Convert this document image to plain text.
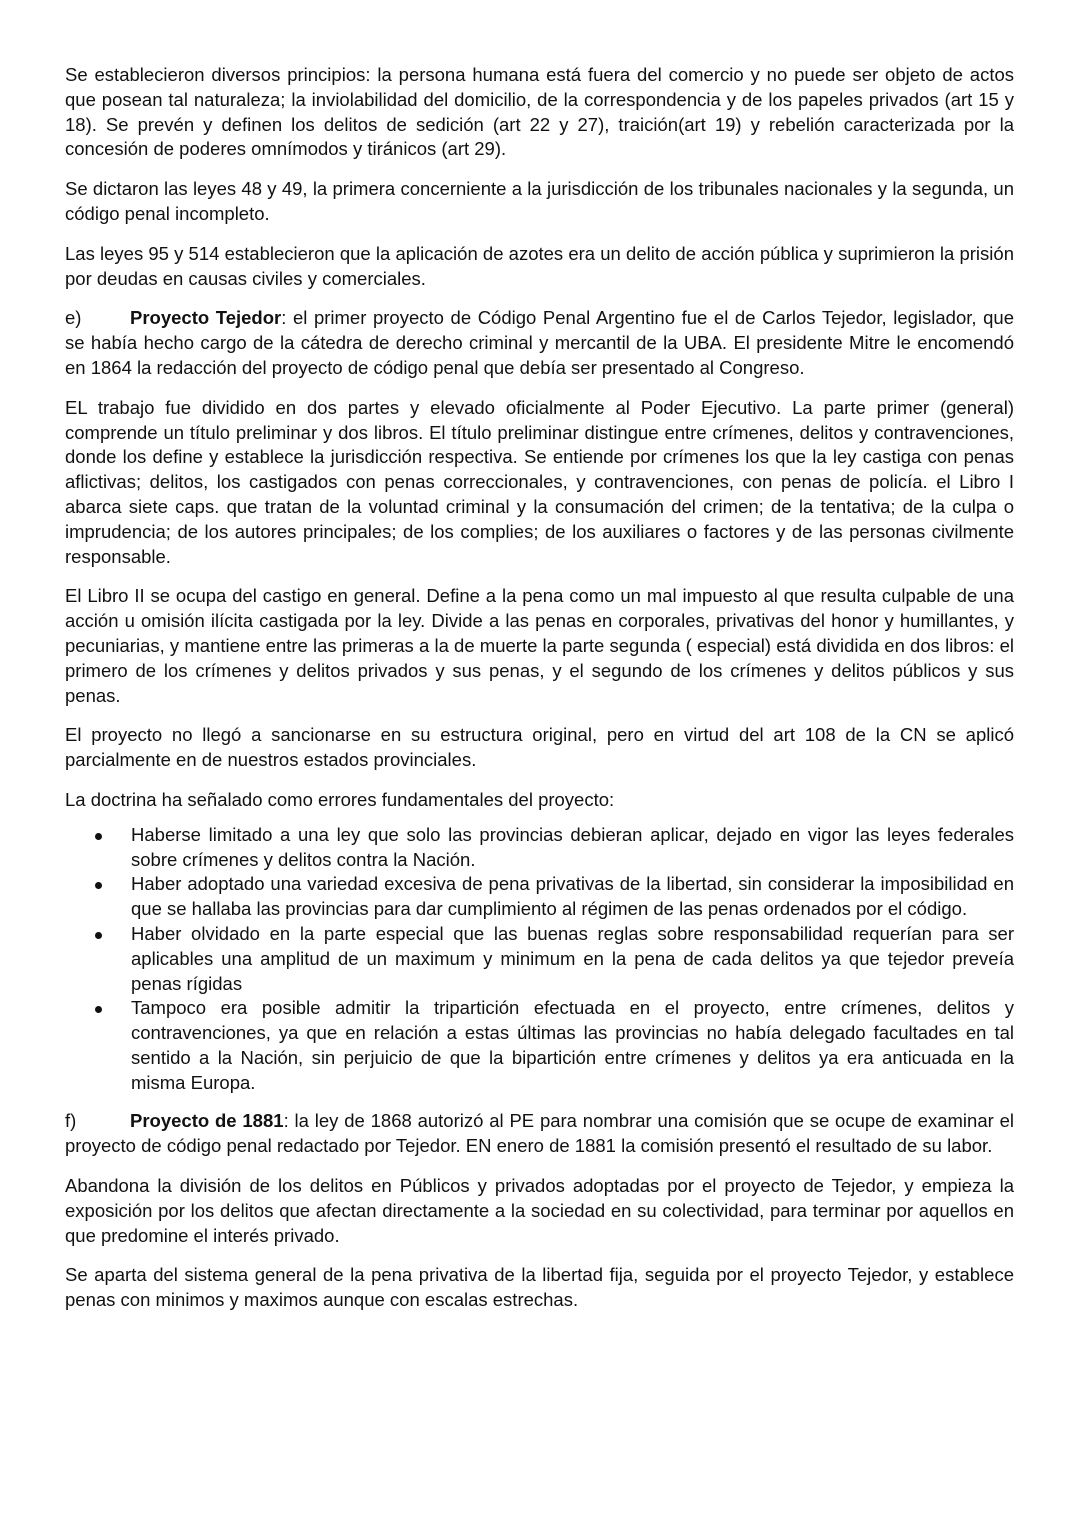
Se establecieron diversos principios: la persona humana está fuera del comercio y no puede ser objeto de actos que posean tal naturaleza; la inviolabilidad del domicilio, de la correspondencia y de los papeles privados (art 15 y 18). Se prevén y definen los delitos de sedición (art 22 y 27), traición(art 19) y rebelión caracterizada por la concesión de poderes omnímodos y tiránicos (art 29).

Se dictaron las leyes 48 y 49, la primera concerniente a la jurisdicción de los tribunales nacionales y la segunda, un código penal incompleto.

Las leyes 95 y 514 establecieron que la aplicación de azotes era un delito de acción pública y suprimieron la prisión por deudas en causas civiles y comerciales.

e)	Proyecto Tejedor: el primer proyecto de Código Penal Argentino fue el de Carlos Tejedor, legislador, que se había hecho cargo de la cátedra de derecho criminal y mercantil de la UBA. El presidente Mitre le encomendó en 1864 la redacción del proyecto de código penal que debía ser presentado al Congreso.

EL trabajo fue dividido en dos partes y elevado oficialmente al Poder Ejecutivo. La parte primer (general) comprende un título preliminar y dos libros. El título preliminar distingue entre crímenes, delitos y contravenciones, donde los define y establece la jurisdicción respectiva. Se entiende por crímenes los que la ley castiga con penas aflictivas; delitos, los castigados con penas correccionales, y contravenciones, con penas de policía. el Libro I abarca siete caps. que tratan de la voluntad criminal y la consumación del crimen; de la tentativa; de la culpa o imprudencia; de los autores principales; de los complies; de los auxiliares o factores y de las personas civilmente responsable.

El Libro II se ocupa del castigo en general. Define a la pena como un mal impuesto al que resulta culpable de una acción u omisión ilícita castigada por la ley. Divide a las penas en corporales, privativas del honor y humillantes, y pecuniarias, y mantiene entre las primeras a la de muerte la parte segunda ( especial) está dividida en dos libros: el primero de los crímenes y delitos privados y sus penas, y el segundo de los crímenes y delitos públicos y sus penas.

El proyecto no llegó a sancionarse en su estructura original, pero en virtud del art 108 de la CN se aplicó parcialmente en de nuestros estados provinciales.

La doctrina ha señalado como errores fundamentales del proyecto:

Haberse limitado a una ley que solo las provincias debieran aplicar, dejado en vigor las leyes federales sobre crímenes y delitos contra la Nación.
Haber adoptado una variedad excesiva de pena privativas de la libertad, sin considerar la imposibilidad en que se hallaba las provincias para dar cumplimiento al régimen de las penas ordenados por el código.
Haber olvidado en la parte especial que las buenas reglas sobre responsabilidad requerían para ser aplicables una amplitud de un maximum y minimum en la pena de cada delitos ya que tejedor preveía penas rígidas
Tampoco era posible admitir la tripartición efectuada en el proyecto, entre crímenes, delitos y contravenciones, ya que en relación a estas últimas las provincias no había delegado facultades en tal sentido a la Nación, sin perjuicio de que la bipartición entre crímenes y delitos ya era anticuada en la misma Europa.

f)	Proyecto de 1881: la ley de 1868 autorizó al PE para nombrar una comisión que se ocupe de examinar el proyecto de código penal redactado por Tejedor. EN enero de 1881 la comisión presentó el resultado de su labor.

Abandona la división de los delitos en Públicos y privados adoptadas por el proyecto de Tejedor, y empieza la exposición por los delitos que afectan directamente a la sociedad en su colectividad, para terminar por aquellos en que predomine el interés privado.

Se aparta del sistema general de la pena privativa de la libertad fija, seguida por el proyecto Tejedor, y establece penas con minimos y maximos aunque con escalas estrechas.
